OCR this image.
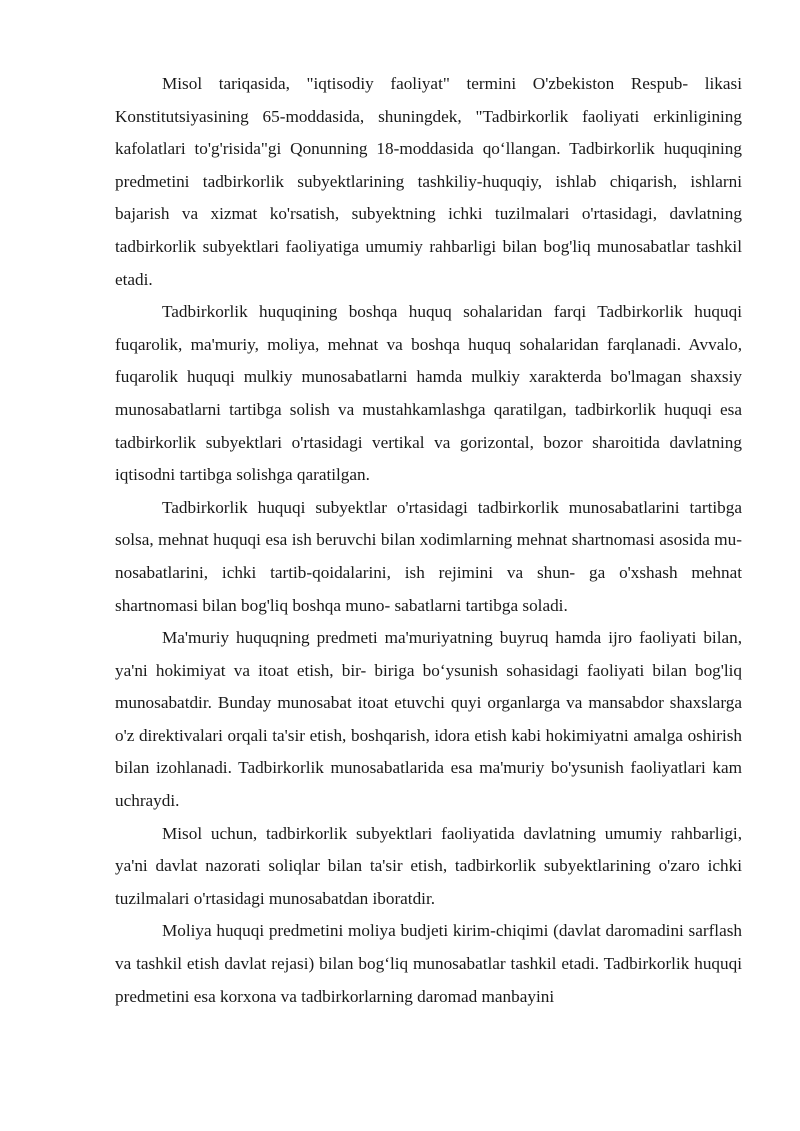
Misol tariqasida, "iqtisodiy faoliyat" termini O'zbekiston Respub- likasi Konstitutsiyasining 65-moddasida, shuningdek, "Tadbirkorlik faoliyati erkinligining kafolatlari to'g'risida"gi Qonunning 18-moddasida qo‘llangan. Tadbirkorlik huquqining predmetini tadbirkorlik subyektlarining tashkiliy-huquqiy, ishlab chiqarish, ishlarni bajarish va xizmat ko'rsatish, subyektning ichki tuzilmalari o'rtasidagi, davlatning tadbirkorlik subyektlari faoliyatiga umumiy rahbarligi bilan bog'liq munosabatlar tashkil etadi.

Tadbirkorlik huquqining boshqa huquq sohalaridan farqi Tadbirkorlik huquqi fuqarolik, ma'muriy, moliya, mehnat va boshqa huquq sohalaridan farqlanadi. Avvalo, fuqarolik huquqi mulkiy munosabatlarni hamda mulkiy xarakterda bo'lmagan shaxsiy munosabatlarni tartibga solish va mustahkamlashga qaratilgan, tadbirkorlik huquqi esa tadbirkorlik subyektlari o'rtasidagi vertikal va gorizontal, bozor sharoitida davlatning iqtisodni tartibga solishga qaratilgan.

Tadbirkorlik huquqi subyektlar o'rtasidagi tadbirkorlik munosabatlarini tartibga solsa, mehnat huquqi esa ish beruvchi bilan xodimlarning mehnat shartnomasi asosida mu- nosabatlarini, ichki tartib-qoidalarini, ish rejimini va shun- ga o'xshash mehnat shartnomasi bilan bog'liq boshqa muno- sabatlarni tartibga soladi.

Ma'muriy huquqning predmeti ma'muriyatning buyruq hamda ijro faoliyati bilan, ya'ni hokimiyat va itoat etish, bir- biriga bo‘ysunish sohasidagi faoliyati bilan bog'liq munosabatdir. Bunday munosabat itoat etuvchi quyi organlarga va mansabdor shaxslarga o'z direktivalari orqali ta'sir etish, boshqarish, idora etish kabi hokimiyatni amalga oshirish bilan izohlanadi. Tadbirkorlik munosabatlarida esa ma'muriy bo'ysunish faoliyatlari kam uchraydi.

Misol uchun, tadbirkorlik subyektlari faoliyatida davlatning umumiy rahbarligi, ya'ni davlat nazorati soliqlar bilan ta'sir etish, tadbirkorlik subyektlarining o'zaro ichki tuzilmalari o'rtasidagi munosabatdan iboratdir.

Moliya huquqi predmetini moliya budjeti kirim-chiqimi (davlat daromadini sarflash va tashkil etish davlat rejasi) bilan bog‘liq munosabatlar tashkil etadi. Tadbirkorlik huquqi predmetini esa korxona va tadbirkorlarning daromad manbayini
